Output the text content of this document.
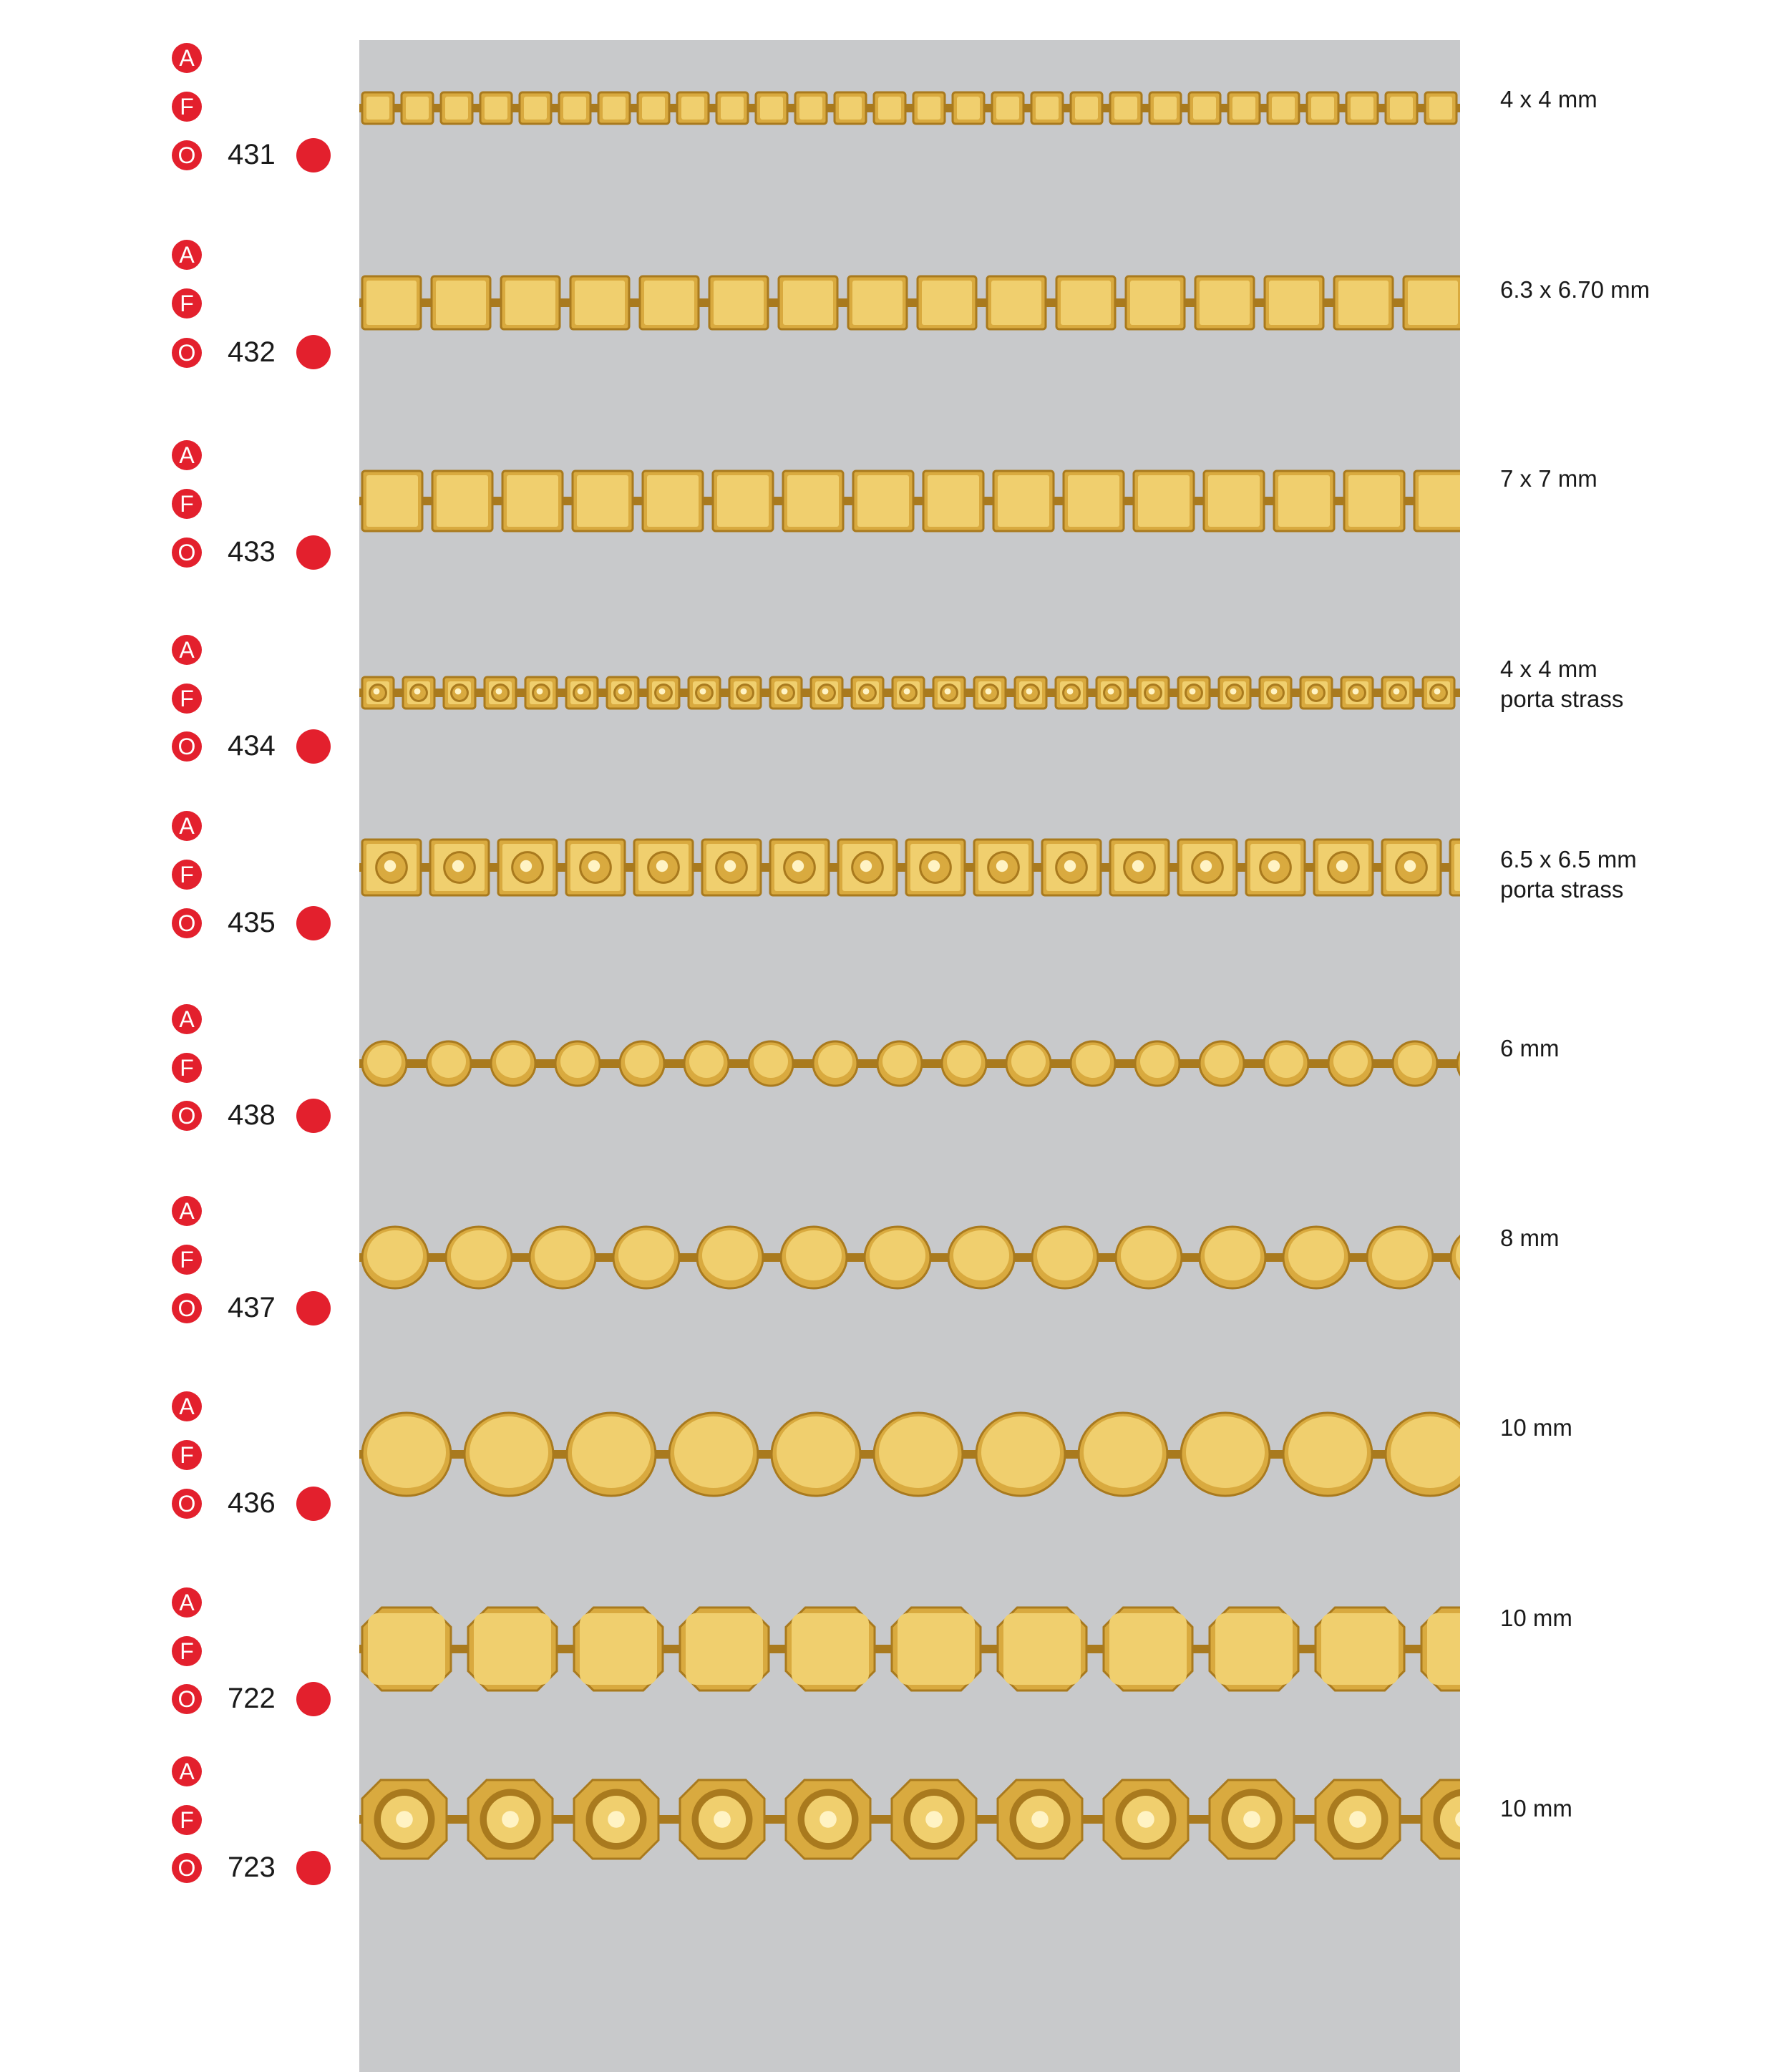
A
F
O 431
4 x 4 mm
A
F
O 432
6.3 x 6.70 mm
A
F
O 433
7 x 7 mm
A
F
O 434
4 x 4 mm
porta strass
A
F
O 435
6.5 x 6.5 mm
porta strass
A
F
O 438
6 mm
A
F
O 437
8 mm
A
F
O 436
10 mm
A
F
O 722
10 mm
A
F
O 723
10 mm
